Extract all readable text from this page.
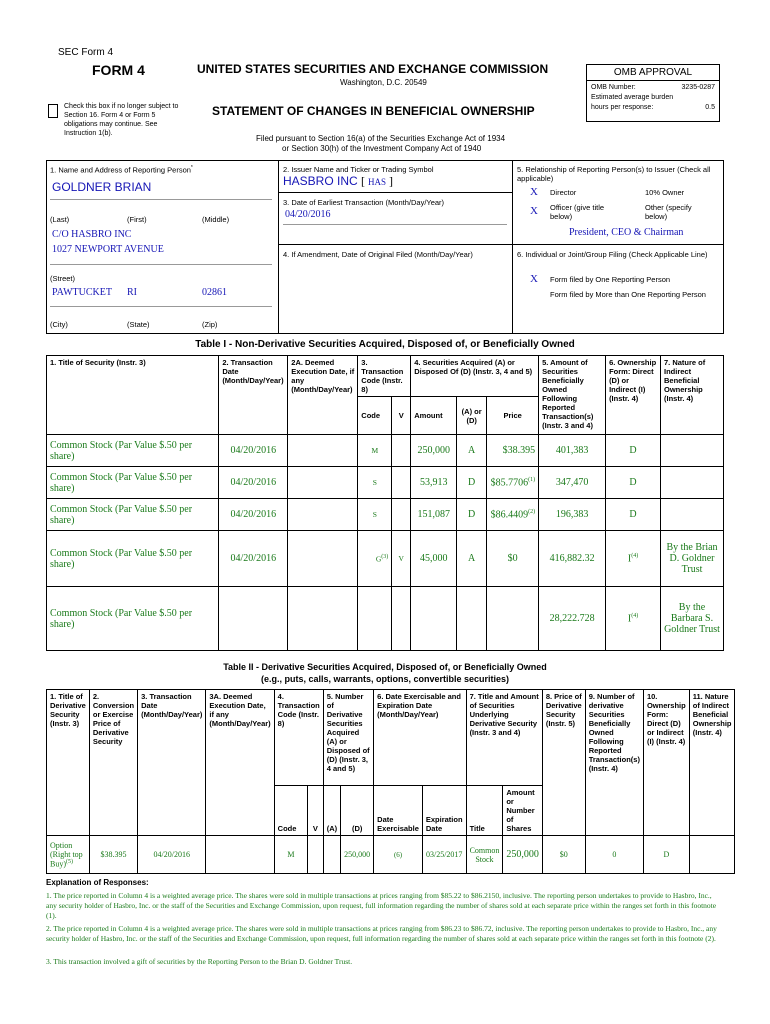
SEC Form 4
FORM 4	UNITED STATES SECURITIES AND EXCHANGE COMMISSION
Washington, D.C. 20549
Check this box if no longer subject to Section 16. Form 4 or Form 5 obligations may continue. See Instruction 1(b).
STATEMENT OF CHANGES IN BENEFICIAL OWNERSHIP
Filed pursuant to Section 16(a) of the Securities Exchange Act of 1934
or Section 30(h) of the Investment Company Act of 1940
OMB APPROVAL
OMB Number:	3235-0287
Estimated average burden
hours per response:	0.5
1. Name and Address of Reporting Person*
GOLDNER BRIAN
(Last)	(First)	(Middle)
C/O HASBRO INC
1027 NEWPORT AVENUE
(Street)
PAWTUCKET RI	02861
(City)	(State)	(Zip)
2. Issuer Name and Ticker or Trading Symbol
HASBRO INC [ HAS ]
3. Date of Earliest Transaction (Month/Day/Year)
04/20/2016
4. If Amendment, Date of Original Filed (Month/Day/Year)
5. Relationship of Reporting Person(s) to Issuer (Check all applicable)
X Director	10% Owner
X Officer (give title below)
Other (specify below)
President, CEO & Chairman
6. Individual or Joint/Group Filing (Check Applicable Line)
X Form filed by One Reporting Person
Form filed by More than One Reporting Person
Table I - Non-Derivative Securities Acquired, Disposed of, or Beneficially Owned
1. Title of Security (Instr. 3)	2. Transaction Date (Month/Day/Year)	2A. Deemed Execution Date, if any (Month/Day/Year)	3. Transaction Code (Instr. 8)		4. Securities Acquired (A) or Disposed Of (D) (Instr. 3, 4 and 5)			5. Amount of Securities Beneficially Owned Following Reported Transaction(s) (Instr. 3 and 4)	6. Ownership Form: Direct (D) or Indirect (I) (Instr. 4)	7. Nature of Indirect Beneficial Ownership (Instr. 4)
			Code	V	Amount	(A) or (D)	Price			
Common Stock (Par Value $.50 per share)	04/20/2016		M		250,000	A	$38.395	401,383	D	
Common Stock (Par Value $.50 per share)	04/20/2016		S		53,913	D	$85.7706$^{(1)}$	347,470	D	
Common Stock (Par Value $.50 per share)	04/20/2016		S		151,087	D	$86.4409$^{(2)}$	196,383	D	
Common Stock (Par Value $.50 per share)	04/20/2016		$G^{(3)}$	V	45,000	A	$0	416,882.32	$I^{(4)}$	By the Brian D. Goldner Trust
Common Stock (Par Value $.50 per share)								28,222.728	$I^{(4)}$	By the Barbara S. Goldner Trust
Table II - Derivative Securities Acquired, Disposed of, or Beneficially Owned
(e.g., puts, calls, warrants, options, convertible securities)
1. Title of Derivative Security (Instr. 3)	2. Conversion or Exercise Price of Derivative Security	3. Transaction Date (Month/Day/Year)	3A. Deemed Execution Date, if any (Month/Day/Year)	4. Transaction Code (Instr. 8)		5. Number of Derivative Securities Acquired (A) or Disposed of (D) (Instr. 3, 4 and 5)		6. Date Exercisable and Expiration Date (Month/Day/Year)		7. Title and Amount of Securities Underlying Derivative Security (Instr. 3 and 4)		8. Price of Derivative Security (Instr. 5)	9. Number of derivative Securities Beneficially Owned Following Reported Transaction(s) (Instr. 4)	10. Ownership Form: Direct (D) or Indirect (I) (Instr. 4)	11. Nature of Indirect Beneficial Ownership (Instr. 4)
				Code	V	(A)	(D)	Date Exercisable	Expiration Date	Title	Amount or Number of Shares				
Option (Right top Buy)$^{(5)}$	$38.395	04/20/2016		M			250,000	(6)	03/25/2017	Common Stock	250,000	$0	0	D	
Explanation of Responses:
1. The price reported in Column 4 is a weighted average price. The shares were sold in multiple transactions at prices ranging from $85.22 to $86.2150, inclusive. The reporting person undertakes to provide to Hasbro, Inc., any security holder of Hasbro, Inc. or the staff of the Securities and Exchange Commission, upon request, full information regarding the number of shares sold at each separate price within the ranges set forth in this footnote (1).
2. The price reported in Column 4 is a weighted average price. The shares were sold in multiple transactions at prices ranging from $86.23 to $86.72, inclusive. The reporting person undertakes to provide to Hasbro, Inc., any security holder of Hasbro, Inc. or the staff of the Securities and Exchange Commission, upon request, full information regarding the number of shares sold at each separate price within the ranges set forth in this footnote (2).
3. This transaction involved a gift of securities by the Reporting Person to the Brian D. Goldner Trust.
